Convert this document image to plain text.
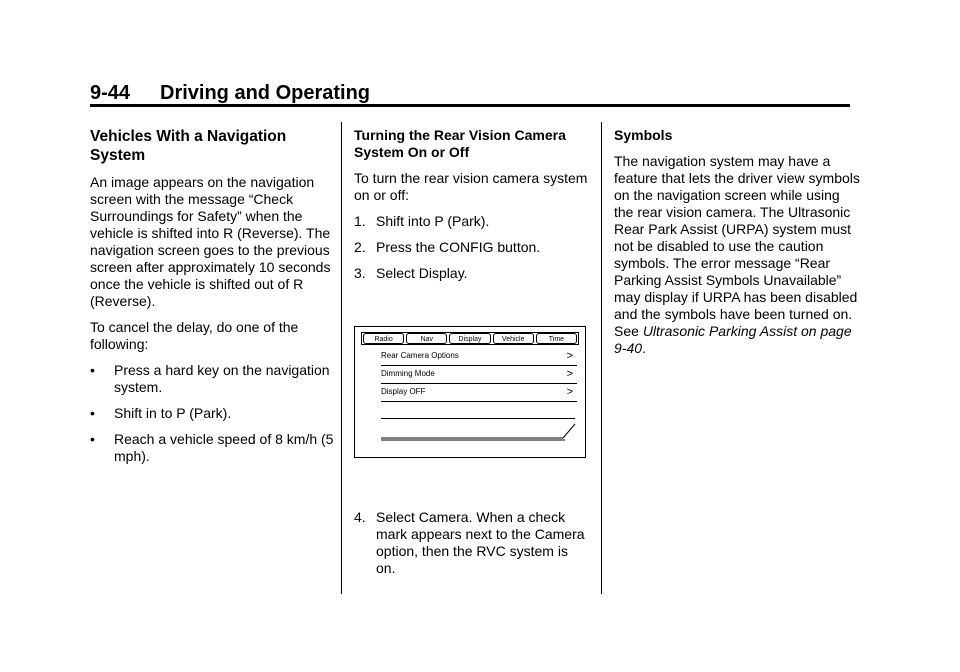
9-44 Driving and Operating
Vehicles With a Navigation System

An image appears on the navigation screen with the message “Check Surroundings for Safety” when the vehicle is shifted into R (Reverse). The navigation screen goes to the previous screen after approximately 10 seconds once the vehicle is shifted out of R (Reverse).

To cancel the delay, do one of the following:

• Press a hard key on the navigation system.
• Shift in to P (Park).
• Reach a vehicle speed of 8 km/h (5 mph).
Turning the Rear Vision Camera System On or Off

To turn the rear vision camera system on or off:

1. Shift into P (Park).
2. Press the CONFIG button.
3. Select Display.
Radio	Nav	Display	Vehicle	Time
Rear Camera Options	>
Dimming Mode	>
Display OFF	>
4. Select Camera. When a check mark appears next to the Camera option, then the RVC system is on.
Symbols

The navigation system may have a feature that lets the driver view symbols on the navigation screen while using the rear vision camera. The Ultrasonic Rear Park Assist (URPA) system must not be disabled to use the caution symbols. The error message “Rear Parking Assist Symbols Unavailable” may display if URPA has been disabled and the symbols have been turned on. See Ultrasonic Parking Assist on page 9-40.
